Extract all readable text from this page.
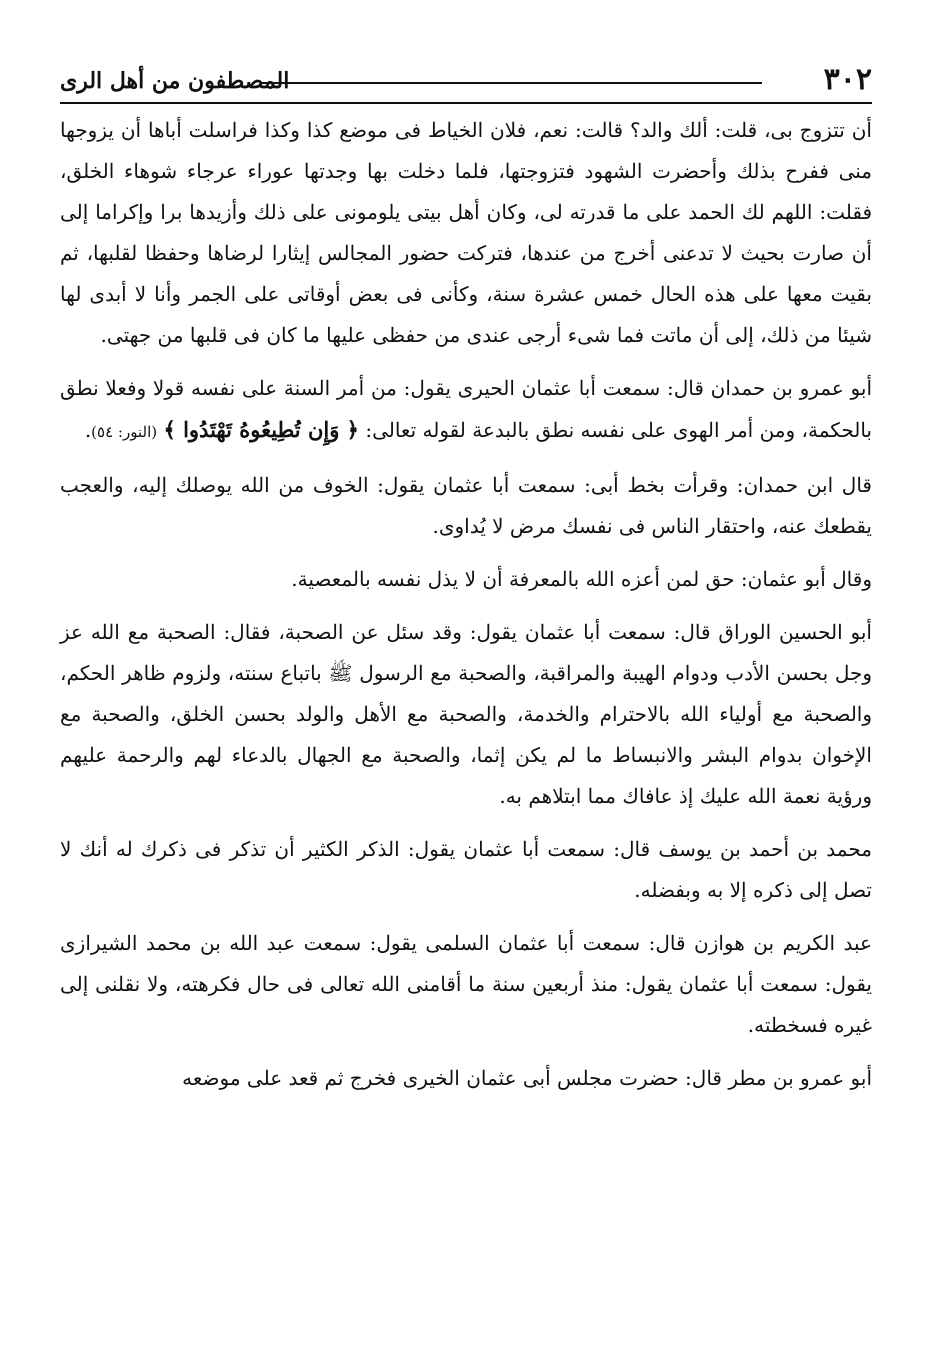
٣٠٢
المصطفون من أهل الرى

أن تتزوج بى، قلت: ألك والد؟ قالت: نعم، فلان الخياط فى موضع كذا وكذا فراسلت أباها أن يزوجها منى ففرح بذلك وأحضرت الشهود فتزوجتها، فلما دخلت بها وجدتها عوراء عرجاء شوهاء الخلق، فقلت: اللهم لك الحمد على ما قدرته لى، وكان أهل بيتى يلومونى على ذلك وأزيدها برا وإكراما إلى أن صارت بحيث لا تدعنى أخرج من عندها، فتركت حضور المجالس إيثارا لرضاها وحفظا لقلبها، ثم بقيت معها على هذه الحال خمس عشرة سنة، وكأنى فى بعض أوقاتى على الجمر وأنا لا أبدى لها شيئا من ذلك، إلى أن ماتت فما شىء أرجى عندى من حفظى عليها ما كان فى قلبها من جهتى.

أبو عمرو بن حمدان قال: سمعت أبا عثمان الحيرى يقول: من أمر السنة على نفسه قولا وفعلا نطق بالحكمة، ومن أمر الهوى على نفسه نطق بالبدعة لقوله تعالى: ﴿ وَإِن تُطِيعُوهُ تَهْتَدُوا ﴾ (النور: ٥٤).

قال ابن حمدان: وقرأت بخط أبى: سمعت أبا عثمان يقول: الخوف من الله يوصلك إليه، والعجب يقطعك عنه، واحتقار الناس فى نفسك مرض لا يُداوى.

وقال أبو عثمان: حق لمن أعزه الله بالمعرفة أن لا يذل نفسه بالمعصية.

أبو الحسين الوراق قال: سمعت أبا عثمان يقول: وقد سئل عن الصحبة، فقال: الصحبة مع الله عز وجل بحسن الأدب ودوام الهيبة والمراقبة، والصحبة مع الرسول ﷺ باتباع سنته، ولزوم ظاهر الحكم، والصحبة مع أولياء الله بالاحترام والخدمة، والصحبة مع الأهل والولد بحسن الخلق، والصحبة مع الإخوان بدوام البشر والانبساط ما لم يكن إثما، والصحبة مع الجهال بالدعاء لهم والرحمة عليهم ورؤية نعمة الله عليك إذ عافاك مما ابتلاهم به.

محمد بن أحمد بن يوسف قال: سمعت أبا عثمان يقول: الذكر الكثير أن تذكر فى ذكرك له أنك لا تصل إلى ذكره إلا به وبفضله.

عبد الكريم بن هوازن قال: سمعت أبا عثمان السلمى يقول: سمعت عبد الله بن محمد الشيرازى يقول: سمعت أبا عثمان يقول: منذ أربعين سنة ما أقامنى الله تعالى فى حال فكرهته، ولا نقلنى إلى غيره فسخطته.

أبو عمرو بن مطر قال: حضرت مجلس أبى عثمان الخيرى فخرج ثم قعد على موضعه
